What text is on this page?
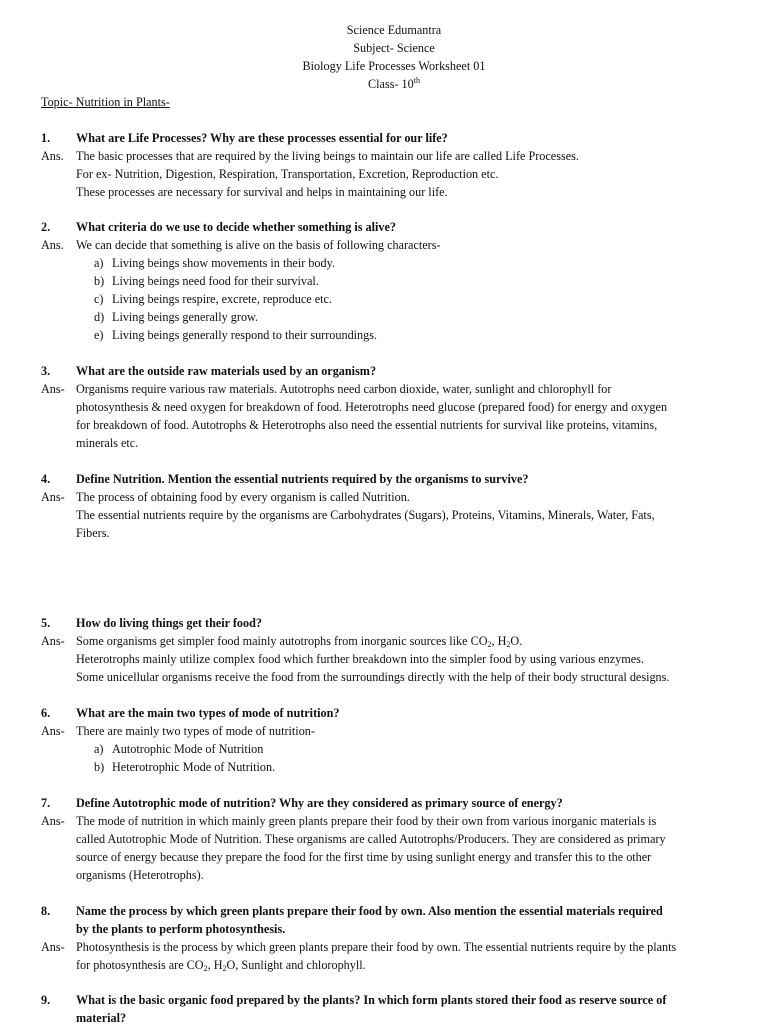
Science Edumantra
Subject- Science
Biology Life Processes Worksheet 01
Class- 10th
Topic- Nutrition in Plants-
1.	What are Life Processes? Why are these processes essential for our life?
Ans.	The basic processes that are required by the living beings to maintain our life are called Life Processes.
For ex- Nutrition, Digestion, Respiration, Transportation, Excretion, Reproduction etc.
These processes are necessary for survival and helps in maintaining our life.
2.	What criteria do we use to decide whether something is alive?
Ans.	We can decide that something is alive on the basis of following characters-
a) Living beings show movements in their body.
b) Living beings need food for their survival.
c) Living beings respire, excrete, reproduce etc.
d) Living beings generally grow.
e) Living beings generally respond to their surroundings.
3.	What are the outside raw materials used by an organism?
Ans- Organisms require various raw materials. Autotrophs need carbon dioxide, water, sunlight and chlorophyll for
photosynthesis & need oxygen for breakdown of food. Heterotrophs need glucose (prepared food) for energy and oxygen
for breakdown of food. Autotrophs & Heterotrophs also need the essential nutrients for survival like proteins, vitamins,
minerals etc.
4.	Define Nutrition. Mention the essential nutrients required by the organisms to survive?
Ans- The process of obtaining food by every organism is called Nutrition.
The essential nutrients require by the organisms are Carbohydrates (Sugars), Proteins, Vitamins, Minerals, Water, Fats,
Fibers.
5.	How do living things get their food?
Ans- Some organisms get simpler food mainly autotrophs from inorganic sources like $CO_2$, $H_2O$.
Heterotrophs mainly utilize complex food which further breakdown into the simpler food by using various enzymes.
Some unicellular organisms receive the food from the surroundings directly with the help of their body structural designs.
6.	What are the main two types of mode of nutrition?
Ans- There are mainly two types of mode of nutrition-
a) Autotrophic Mode of Nutrition
b) Heterotrophic Mode of Nutrition.
7.	Define Autotrophic mode of nutrition? Why are they considered as primary source of energy?
Ans- The mode of nutrition in which mainly green plants prepare their food by their own from various inorganic materials is
called Autotrophic Mode of Nutrition. These organisms are called Autotrophs/Producers. They are considered as primary
source of energy because they prepare the food for the first time by using sunlight energy and transfer this to the other
organisms (Heterotrophs).
8.	Name the process by which green plants prepare their food by own. Also mention the essential materials required
by the plants to perform photosynthesis.
Ans- Photosynthesis is the process by which green plants prepare their food by own. The essential nutrients require by the plants
for photosynthesis are $CO_2$, $H_2O$, Sunlight and chlorophyll.
9.	What is the basic organic food prepared by the plants? In which form plants stored their food as reserve source of
material?
